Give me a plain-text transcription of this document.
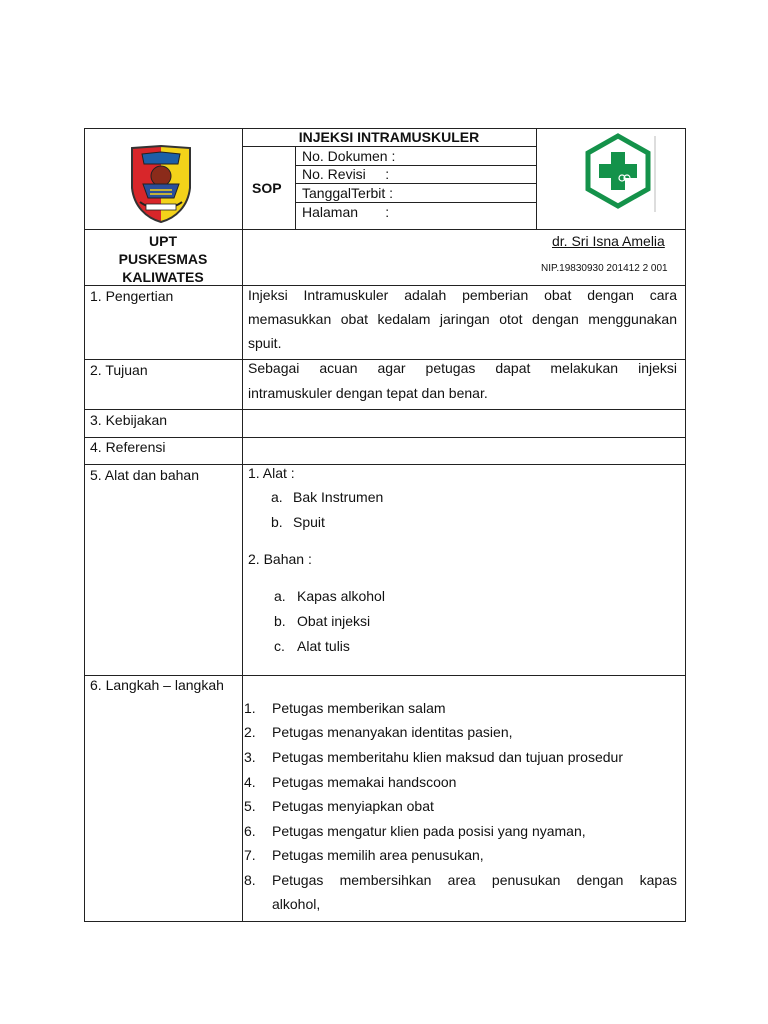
INJEKSI INTRAMUSKULER
SOP
No. Dokumen :
No. Revisi     :
TanggalTerbit :
Halaman       :
UPT
PUSKESMAS
KALIWATES
dr. Sri Isna Amelia
NIP.19830930 201412 2 001
1. Pengertian	Injeksi  Intramuskuler  adalah  pemberian  obat  dengan  cara
memasukkan obat kedalam jaringan otot dengan menggunakan
spuit.
2. Tujuan	Sebagai  acuan  agar  petugas  dapat  melakukan  injeksi
intramuskuler dengan tepat dan benar.
3. Kebijakan
4. Referensi
5. Alat dan bahan	1. Alat :
a. Bak Instrumen
b. Spuit
2. Bahan :
a. Kapas alkohol
b. Obat injeksi
c. Alat tulis
6. Langkah – langkah
1. Petugas memberikan salam
2. Petugas menanyakan identitas pasien,
3. Petugas memberitahu klien maksud dan tujuan prosedur
4. Petugas memakai handscoon
5. Petugas menyiapkan obat
6. Petugas mengatur klien pada posisi yang nyaman,
7. Petugas memilih area penusukan,
8. Petugas  membersihkan  area  penusukan  dengan  kapas
alkohol,
